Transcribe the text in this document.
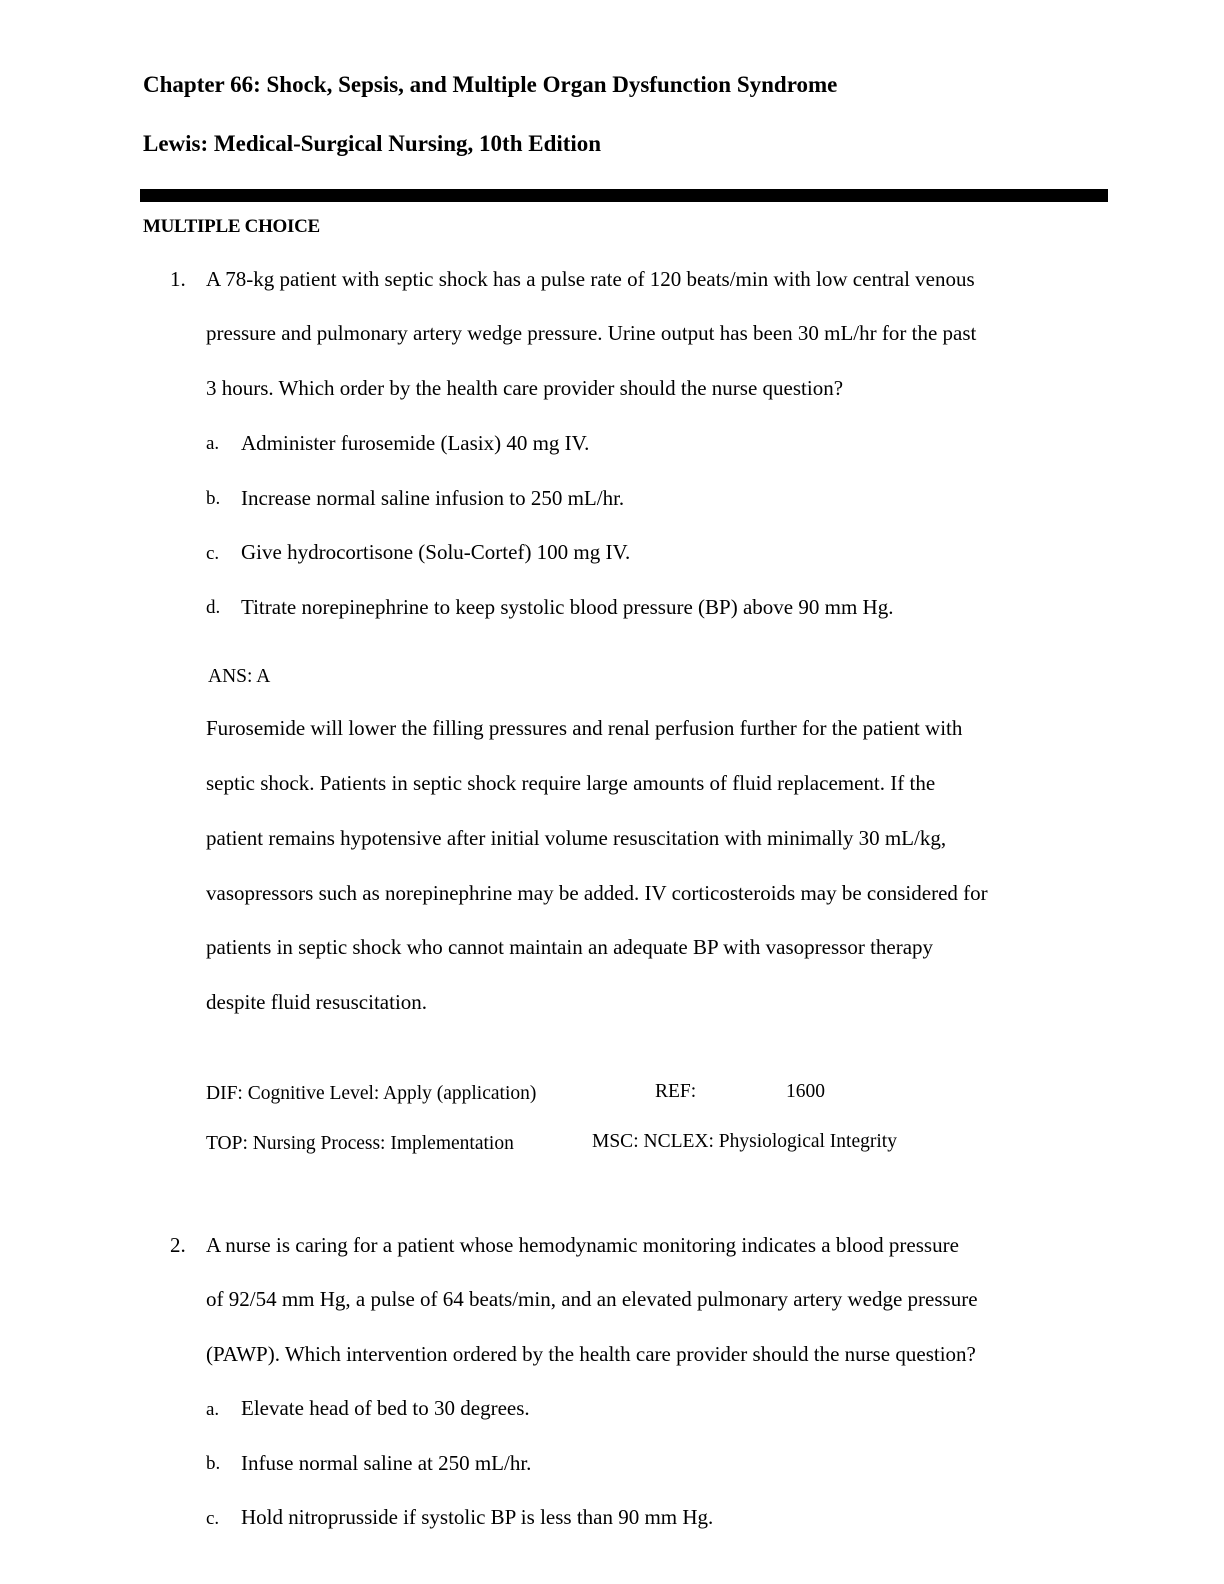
Chapter 66: Shock, Sepsis, and Multiple Organ Dysfunction Syndrome
Lewis: Medical-Surgical Nursing, 10th Edition
MULTIPLE CHOICE
1. A 78-kg patient with septic shock has a pulse rate of 120 beats/min with low central venous
pressure and pulmonary artery wedge pressure. Urine output has been 30 mL/hr for the past
3 hours. Which order by the health care provider should the nurse question?
a. Administer furosemide (Lasix) 40 mg IV.
b. Increase normal saline infusion to 250 mL/hr.
c. Give hydrocortisone (Solu-Cortef) 100 mg IV.
d. Titrate norepinephrine to keep systolic blood pressure (BP) above 90 mm Hg.
ANS: A
Furosemide will lower the filling pressures and renal perfusion further for the patient with
septic shock. Patients in septic shock require large amounts of fluid replacement. If the
patient remains hypotensive after initial volume resuscitation with minimally 30 mL/kg,
vasopressors such as norepinephrine may be added. IV corticosteroids may be considered for
patients in septic shock who cannot maintain an adequate BP with vasopressor therapy
despite fluid resuscitation.
DIF: Cognitive Level: Apply (application)	REF:	1600
TOP: Nursing Process: Implementation	MSC: NCLEX: Physiological Integrity
2. A nurse is caring for a patient whose hemodynamic monitoring indicates a blood pressure
of 92/54 mm Hg, a pulse of 64 beats/min, and an elevated pulmonary artery wedge pressure
(PAWP). Which intervention ordered by the health care provider should the nurse question?
a. Elevate head of bed to 30 degrees.
b. Infuse normal saline at 250 mL/hr.
c. Hold nitroprusside if systolic BP is less than 90 mm Hg.
